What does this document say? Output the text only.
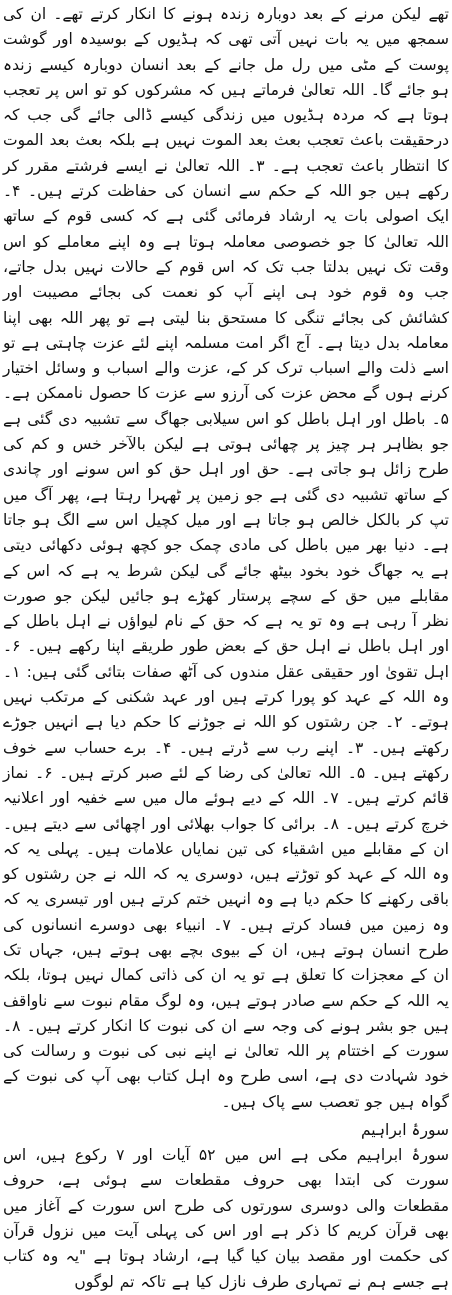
تھے لیکن مرنے کے بعد دوبارہ زندہ ہونے کا انکار کرتے تھے۔ ان کی سمجھ میں یہ بات نہیں آتی تھی کہ ہڈیوں کے بوسیدہ اور گوشت پوست کے مٹی میں رل مل جانے کے بعد انسان دوبارہ کیسے زندہ ہو جائے گا۔ اللہ تعالیٰ فرماتے ہیں کہ مشرکوں کو تو اس پر تعجب ہوتا ہے کہ مردہ ہڈیوں میں زندگی کیسے ڈالی جائے گی جب کہ درحقیقت باعث تعجب بعث بعد الموت نہیں ہے بلکہ بعث بعد الموت کا انتظار باعث تعجب ہے۔ ۳۔ اللہ تعالیٰ نے ایسے فرشتے مقرر کر رکھے ہیں جو اللہ کے حکم سے انسان کی حفاظت کرتے ہیں۔ ۴۔ ایک اصولی بات یہ ارشاد فرمائی گئی ہے کہ کسی قوم کے ساتھ اللہ تعالیٰ کا جو خصوصی معاملہ ہوتا ہے وہ اپنے معاملے کو اس وقت تک نہیں بدلتا جب تک کہ اس قوم کے حالات نہیں بدل جاتے، جب وہ قوم خود ہی اپنے آپ کو نعمت کی بجائے مصیبت اور کشائش کی بجائے تنگی کا مستحق بنا لیتی ہے تو پھر اللہ بھی اپنا معاملہ بدل دیتا ہے۔ آج اگر امت مسلمہ اپنے لئے عزت چاہتی ہے تو اسے ذلت والے اسباب ترک کر کے، عزت والے اسباب و وسائل اختیار کرنے ہوں گے محض عزت کی آرزو سے عزت کا حصول ناممکن ہے۔ ۵۔ باطل اور اہل باطل کو اس سیلابی جھاگ سے تشبیہ دی گئی ہے جو بظاہر ہر چیز پر چھائی ہوتی ہے لیکن بالآخر خس و کم کی طرح زائل ہو جاتی ہے۔ حق اور اہل حق کو اس سونے اور چاندی کے ساتھ تشبیہ دی گئی ہے جو زمین پر ٹھہرا رہتا ہے، پھر آگ میں تپ کر بالکل خالص ہو جاتا ہے اور میل کچیل اس سے الگ ہو جاتا ہے۔ دنیا بھر میں باطل کی مادی چمک جو کچھ ہوئی دکھائی دیتی ہے یہ جھاگ خود بخود بیٹھ جائے گی لیکن شرط یہ ہے کہ اس کے مقابلے میں حق کے سچے پرستار کھڑے ہو جائیں لیکن جو صورت نظر آ رہی ہے وہ تو یہ ہے کہ حق کے نام لیواؤں نے اہل باطل کے اور اہل باطل نے اہل حق کے بعض طور طریقے اپنا رکھے ہیں۔ ۶۔ اہل تقویٰ اور حقیقی عقل مندوں کی آٹھ صفات بتائی گئی ہیں: ۱۔ وہ اللہ کے عہد کو پورا کرتے ہیں اور عہد شکنی کے مرتکب نہیں ہوتے۔ ۲۔ جن رشتوں کو اللہ نے جوڑنے کا حکم دیا ہے انہیں جوڑے رکھتے ہیں۔ ۳۔ اپنے رب سے ڈرتے ہیں۔ ۴۔ برے حساب سے خوف رکھتے ہیں۔ ۵۔ اللہ تعالیٰ کی رضا کے لئے صبر کرتے ہیں۔ ۶۔ نماز قائم کرتے ہیں۔ ۷۔ اللہ کے دیے ہوئے مال میں سے خفیہ اور اعلانیہ خرچ کرتے ہیں۔ ۸۔ برائی کا جواب بھلائی اور اچھائی سے دیتے ہیں۔ ان کے مقابلے میں اشقیاء کی تین نمایاں علامات ہیں۔ پہلی یہ کہ وہ اللہ کے عہد کو توڑتے ہیں، دوسری یہ کہ اللہ نے جن رشتوں کو باقی رکھنے کا حکم دیا ہے وہ انہیں ختم کرتے ہیں اور تیسری یہ کہ وہ زمین میں فساد کرتے ہیں۔ ۷۔ انبیاء بھی دوسرے انسانوں کی طرح انسان ہوتے ہیں، ان کے بیوی بچے بھی ہوتے ہیں، جہاں تک ان کے معجزات کا تعلق ہے تو یہ ان کی ذاتی کمال نہیں ہوتا، بلکہ یہ اللہ کے حکم سے صادر ہوتے ہیں، وہ لوگ مقام نبوت سے ناواقف ہیں جو بشر ہونے کی وجہ سے ان کی نبوت کا انکار کرتے ہیں۔ ۸۔ سورت کے اختتام پر اللہ تعالیٰ نے اپنے نبی کی نبوت و رسالت کی خود شہادت دی ہے، اسی طرح وہ اہل کتاب بھی آپ کی نبوت کے گواہ ہیں جو تعصب سے پاک ہیں۔

سورۂ ابراہیم

سورۂ ابراہیم مکی ہے اس میں ۵۲ آیات اور ۷ رکوع ہیں، اس سورت کی ابتدا بھی حروف مقطعات سے ہوئی ہے، حروف مقطعات والی دوسری سورتوں کی طرح اس سورت کے آغاز میں بھی قرآن کریم کا ذکر ہے اور اس کی پہلی آیت میں نزول قرآن کی حکمت اور مقصد بیان کیا گیا ہے، ارشاد ہوتا ہے "یہ وہ کتاب ہے جسے ہم نے تمہاری طرف نازل کیا ہے تاکہ تم لوگوں
